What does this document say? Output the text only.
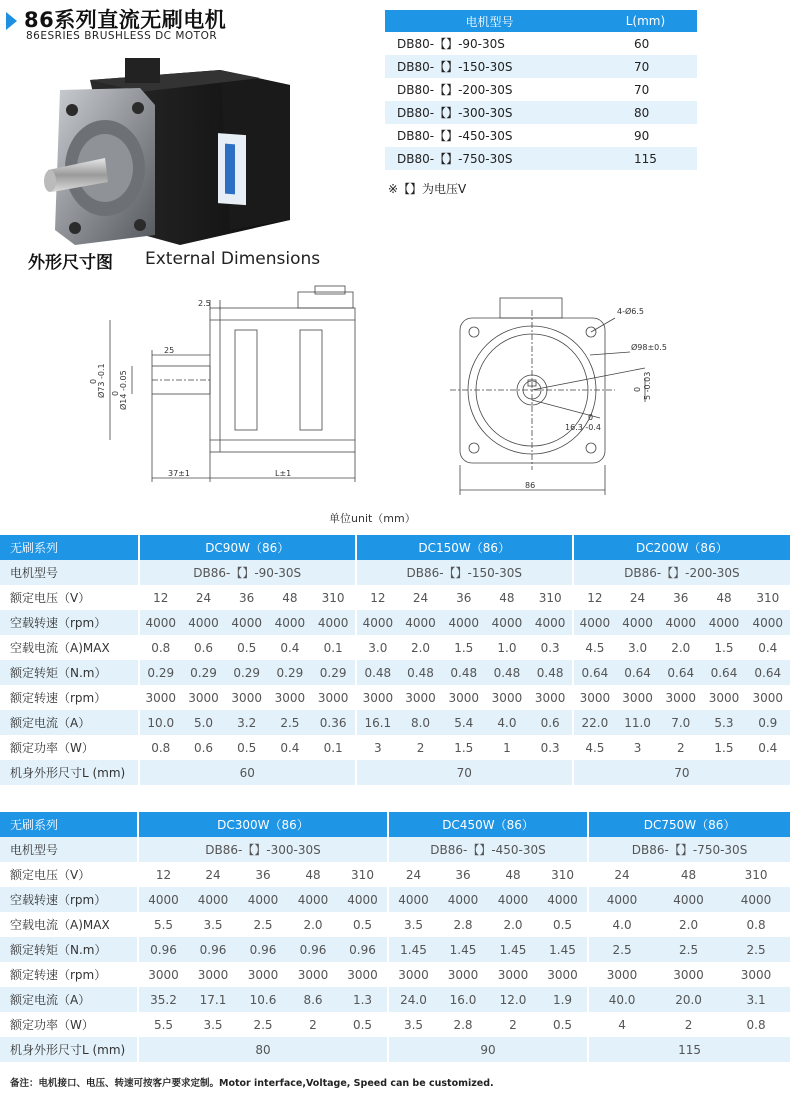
86系列直流无刷电机
86ESRIES BRUSHLESS DC MOTOR
电机型号	L(mm)
DB80-【】-90-30S	60
DB80-【】-150-30S	70
DB80-【】-200-30S	70
DB80-【】-300-30S	80
DB80-【】-450-30S	90
DB80-【】-750-30S	115
※【】为电压V
外形尺寸图 External Dimensions
2.5
25
Ø73 -0.1
0	Ø14 -0.05
0
37±1	L±1
4-Ø6.5
Ø98±0.5
0 5 -0.03
0
16.3 -0.4
86
单位unit（mm）
无刷系列	DC90W（86）					DC150W（86）					DC200W（86）				
电机型号	DB86-【】-90-30S					DB86-【】-150-30S					DB86-【】-200-30S				
额定电压（V）	12	24	36	48	310	12	24	36	48	310	12	24	36	48	310
空载转速（rpm）	4000	4000	4000	4000	4000	4000	4000	4000	4000	4000	4000	4000	4000	4000	4000
空载电流（A)MAX	0.8	0.6	0.5	0.4	0.1	3.0	2.0	1.5	1.0	0.3	4.5	3.0	2.0	1.5	0.4
额定转矩（N.m）	0.29	0.29	0.29	0.29	0.29	0.48	0.48	0.48	0.48	0.48	0.64	0.64	0.64	0.64	0.64
额定转速（rpm）	3000	3000	3000	3000	3000	3000	3000	3000	3000	3000	3000	3000	3000	3000	3000
额定电流（A）	10.0	5.0	3.2	2.5	0.36	16.1	8.0	5.4	4.0	0.6	22.0	11.0	7.0	5.3	0.9
额定功率（W）	0.8	0.6	0.5	0.4	0.1	3	2	1.5	1	0.3	4.5	3	2	1.5	0.4
机身外形尺寸L (mm)	60					70					70				
无刷系列	DC300W（86）					DC450W（86）				DC750W（86）		
电机型号	DB86-【】-300-30S					DB86-【】-450-30S				DB86-【】-750-30S		
额定电压（V）	12	24	36	48	310	24	36	48	310	24	48	310
空载转速（rpm）	4000	4000	4000	4000	4000	4000	4000	4000	4000	4000	4000	4000
空载电流（A)MAX	5.5	3.5	2.5	2.0	0.5	3.5	2.8	2.0	0.5	4.0	2.0	0.8
额定转矩（N.m）	0.96	0.96	0.96	0.96	0.96	1.45	1.45	1.45	1.45	2.5	2.5	2.5
额定转速（rpm）	3000	3000	3000	3000	3000	3000	3000	3000	3000	3000	3000	3000
额定电流（A）	35.2	17.1	10.6	8.6	1.3	24.0	16.0	12.0	1.9	40.0	20.0	3.1
额定功率（W）	5.5	3.5	2.5	2	0.5	3.5	2.8	2	0.5	4	2	0.8
机身外形尺寸L (mm)	80					90				115		
备注：电机接口、电压、转速可按客户要求定制。Motor interface,Voltage, Speed can be customized.
